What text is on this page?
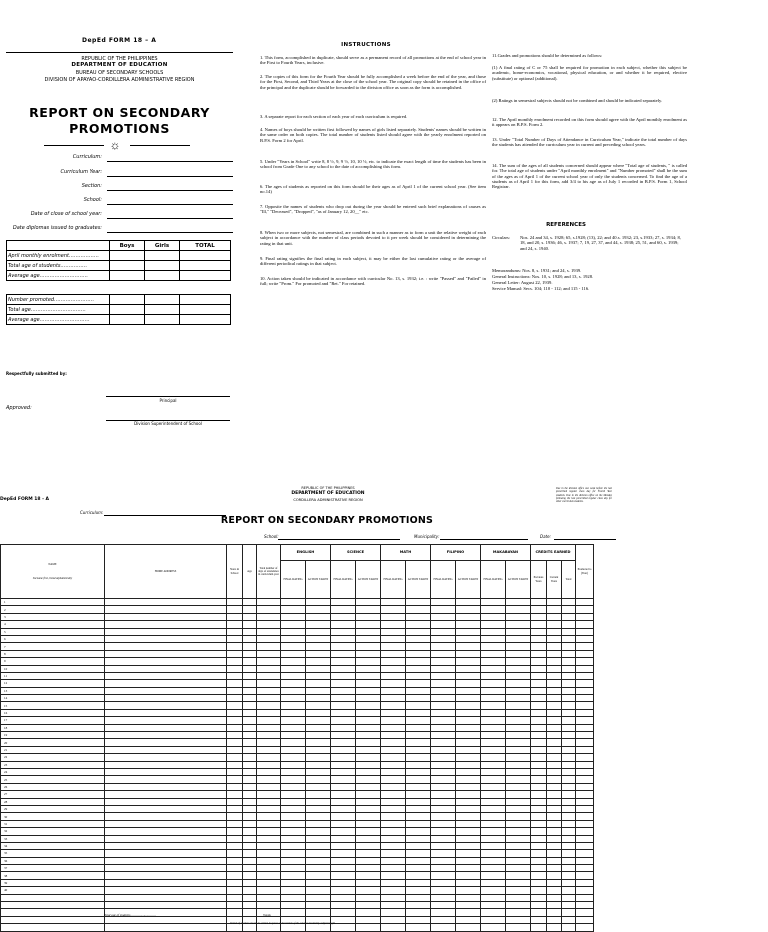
DepEd FORM 18 – A
REPUBLIC OF THE PHILIPPINES
DEPARTMENT OF EDUCATION
BUREAU OF SECONDARY SCHOOLS
DIVISION OF APAYAO-CORDILLERA ADMINISTRATIVE REGION
REPORT ON SECONDARY
PROMOTIONS
☼
Curriculum:
Curriculum Year:
Section:
School:
Date of close of school year:
Date diplomas issued to graduates:
	Boys	Girls	TOTAL
April monthly enrolment………………			
Total age of students…………….			
Average age………………………..			

Number promoted……………………			
Total age……………………………			
Average age…………………………			
Respectfully submitted by:
Principal
Approved:
Division Superintendent of School
INSTRUCTIONS
1. This form, accomplished in duplicate, should serve as a permanent record of all promotions at the end of school year in the First to Fourth Years, inclusive.
2. The copies of this form for the Fourth Year should be fully accomplished a week before the end of the year, and those for the First, Second, and Third Years at the close of the school year. The original copy should be retained in the office of the principal and the duplicate should be forwarded to the division office as soon as the form is accomplished.
3. A separate report for each section of each year of each curriculum is required.
4. Names of boys should be written first followed by names of girls listed separately. Students' names should be written in the same order on both copies. The total number of students listed should agree with the yearly enrolment reported on B.P.S. Form 2 for April.
5. Under "Years in School" write 8, 8 ½, 9, 9 ½, 10, 10 ½, etc. to indicate the exact length of time the students has been in school from Grade One to any school to the date of accomplishing this form.
6. The ages of students as reported on this form should be their ages as of April 1 of the current school year. (See item no.14)
7. Opposite the names of students who drop out during the year should be entered such brief explanations of causes as "Ill," "Deceased", "Dropped", "as of January 12, 20__" etc.
8. When two or more subjects, not semestral, are combined in such a manner as to form a unit the relative weight of each subject in accordance with the number of class periods devoted to it per week should be considered in determining the rating in that unit.
9. Final rating signifies the final rating in each subject, it may be either the last cumulative rating or the average of different periodical ratings in that subject.
10. Action taken should be indicated in accordance with curricular No. 13, s. 1932; i.e. : write "Passed" and "Failed" in full; write "Prom." For promoted and "Ret." For retained.
11.Grades and promotions should be determined as follows:
(1) A final rating of C or 75 shall be required for promotion in each subject, whether this subject be academic, home-economics, vocational, physical education, or and whether it be required, elective (substitute) or optional (additional).
(2) Ratings in semestral subjects should not be combined and should be indicated separately.
12. The April monthly enrolment recorded on this form should agree with the April monthly enrolment as it appears on B.P.S. Form 2.
13. Under "Total Number of Days of Attendance in Curriculum Year," indicate the total number of days the students has attended the curriculum year in current and preceding school years.
14. The sum of the ages of all students concerned should appear where "Total age of students, " is called for. The total age of students under "April monthly enrolment" and "Number promoted" shall be the sum of the ages as of April 1 of the current school year of only the students concerned. To find the age of a students as of April 1 for this form, add 3/4 to his age as of July 1 recorded in B.P.S. Form 1, School Registrar.
REFERENCES
Circulars:	Nos. 24 and 34, s. 1928; 65, s.1928; (13), 22; and 40.s. 1932; 23, s.1933; 27, s. 1934; 8, 18, and 20, s. 1936; 46, s. 1937; 7, 19, 27, 37, and 44, s. 1938; 25, 51, and 60, s. 1939; and 24, s. 1940.
Memorandums: Nos. 8, s. 1931; and 24, s. 1939.
General Instructions: Nos. 10, s. 1928; and 13, s. 1928.
General Letter: August 22, 1939.
Service Manual: Secs. 104; 110 - 112; and 115 - 116.
REPUBLIC OF THE PHILIPPINES
DEPARTMENT OF EDUCATION
CORDILLERA ADMINISTRATIVE REGION
DepEd FORM 18 - A
Curriculum:
REPORT ON SECONDARY PROMOTIONS
Due in the division office one week before the last prescribed regular class day for Fourth Year students. Due in the division office on the Monday following the last prescribed regular class day for other curriculum students.
School:	Municipality:	Date:
NAME
Surname first, listed alphabetically	HOME ADDRESS	Years in School	Age	Total number of days of attendance in curriculum year	ENGLISH		SCIENCE		MATH		FILIPINO		MAKABAYAN		CREDITS EARNED			Promoted to (Year)
					FINAL RATING	ACTION TAKEN	FINAL RATING	ACTION TAKEN	FINAL RATING	ACTION TAKEN	FINAL RATING	ACTION TAKEN	FINAL RATING	ACTION TAKEN	Previous Years	Current Years	Total	
1																		
2																		
3																		
4																		
5																		
6																		
7																		
8																		
9																		
10																		
11																		
12																		
13																		
14																		
15																		
16																		
17																		
18																		
19																		
20																		
21																		
22																		
23																		
24																		
25																		
26																		
27																		
28																		
29																		
30																		
31																		
32																		
33																		
34																		
35																		
36																		
37																		
38																		
39																		
40																		

Total age of students………………………	Totals
Initials of teachers should be written in spaces at the bottom of the columns headed by subject taught.
